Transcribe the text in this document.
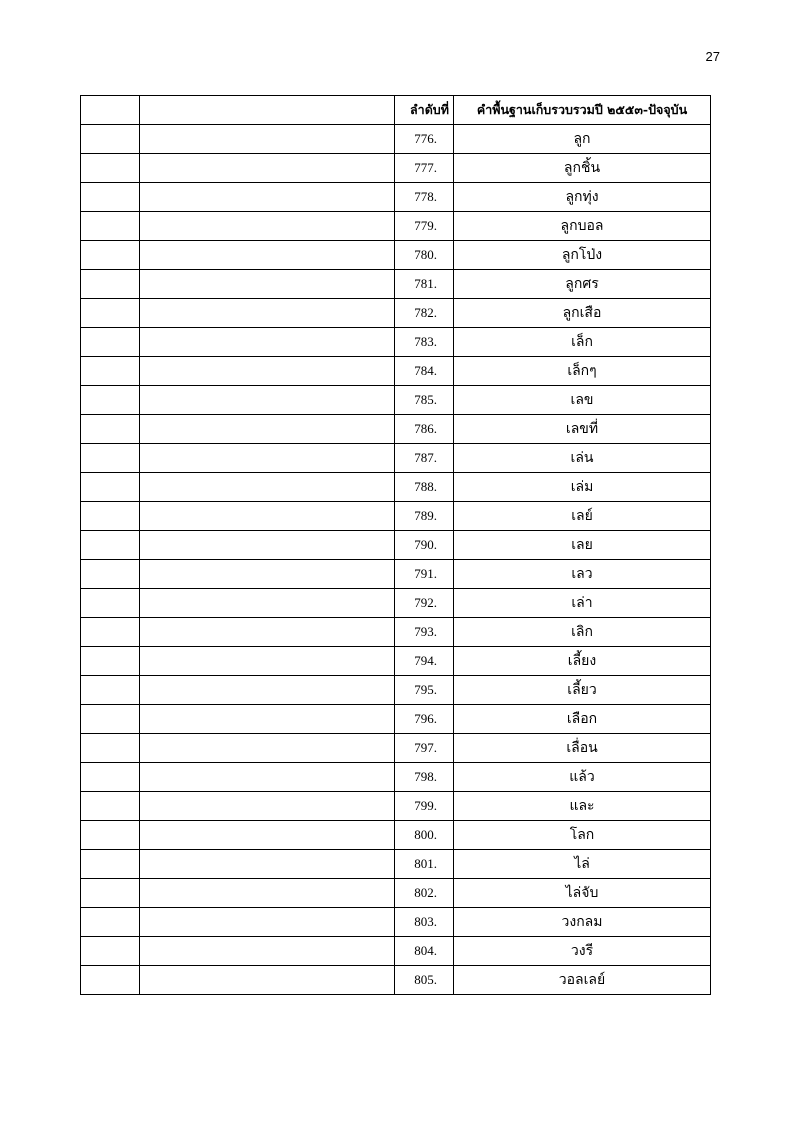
27
		ลำดับที่	คำพื้นฐานเก็บรวบรวมปี ๒๕๕๓-ปัจจุบัน
		776.	ลูก
		777.	ลูกชิ้น
		778.	ลูกทุ่ง
		779.	ลูกบอล
		780.	ลูกโป่ง
		781.	ลูกศร
		782.	ลูกเสือ
		783.	เล็ก
		784.	เล็กๆ
		785.	เลข
		786.	เลขที่
		787.	เล่น
		788.	เล่ม
		789.	เลย์
		790.	เลย
		791.	เลว
		792.	เล่า
		793.	เลิก
		794.	เลี้ยง
		795.	เลี้ยว
		796.	เลือก
		797.	เลื่อน
		798.	แล้ว
		799.	และ
		800.	โลก
		801.	ไล่
		802.	ไล่จับ
		803.	วงกลม
		804.	วงรี
		805.	วอลเลย์
